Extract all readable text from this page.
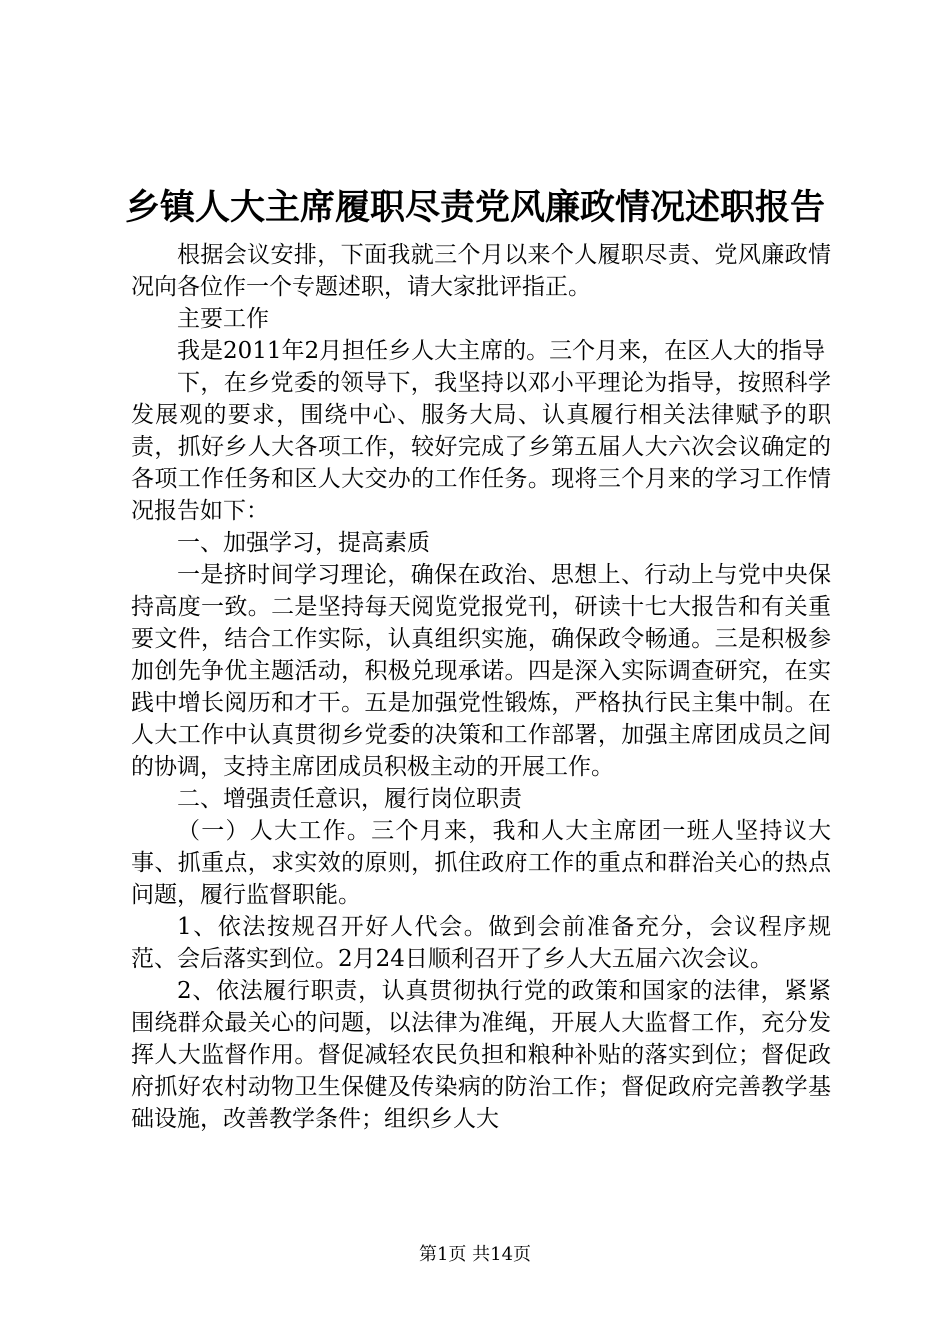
乡镇人大主席履职尽责党风廉政情况述职报告

根据会议安排，下面我就三个月以来个人履职尽责、党风廉政情况向各位作一个专题述职，请大家批评指正。

主要工作

我是2011年2月担任乡人大主席的。三个月来，在区人大的指导

下，在乡党委的领导下，我坚持以邓小平理论为指导，按照科学发展观的要求，围绕中心、服务大局、认真履行相关法律赋予的职责，抓好乡人大各项工作，较好完成了乡第五届人大六次会议确定的各项工作任务和区人大交办的工作任务。现将三个月来的学习工作情况报告如下：

一、加强学习，提高素质

一是挤时间学习理论，确保在政治、思想上、行动上与党中央保持高度一致。二是坚持每天阅览党报党刊，研读十七大报告和有关重要文件，结合工作实际，认真组织实施，确保政令畅通。三是积极参加创先争优主题活动，积极兑现承诺。四是深入实际调查研究，在实践中增长阅历和才干。五是加强党性锻炼，严格执行民主集中制。在人大工作中认真贯彻乡党委的决策和工作部署，加强主席团成员之间的协调，支持主席团成员积极主动的开展工作。

二、增强责任意识，履行岗位职责

（一）人大工作。三个月来，我和人大主席团一班人坚持议大事、抓重点，求实效的原则，抓住政府工作的重点和群治关心的热点问题，履行监督职能。

1、依法按规召开好人代会。做到会前准备充分，会议程序规范、会后落实到位。2月24日顺利召开了乡人大五届六次会议。

2、依法履行职责，认真贯彻执行党的政策和国家的法律，紧紧围绕群众最关心的问题，以法律为准绳，开展人大监督工作，充分发挥人大监督作用。督促减轻农民负担和粮种补贴的落实到位；督促政府抓好农村动物卫生保健及传染病的防治工作；督促政府完善教学基础设施，改善教学条件；组织乡人大

第1页 共14页
